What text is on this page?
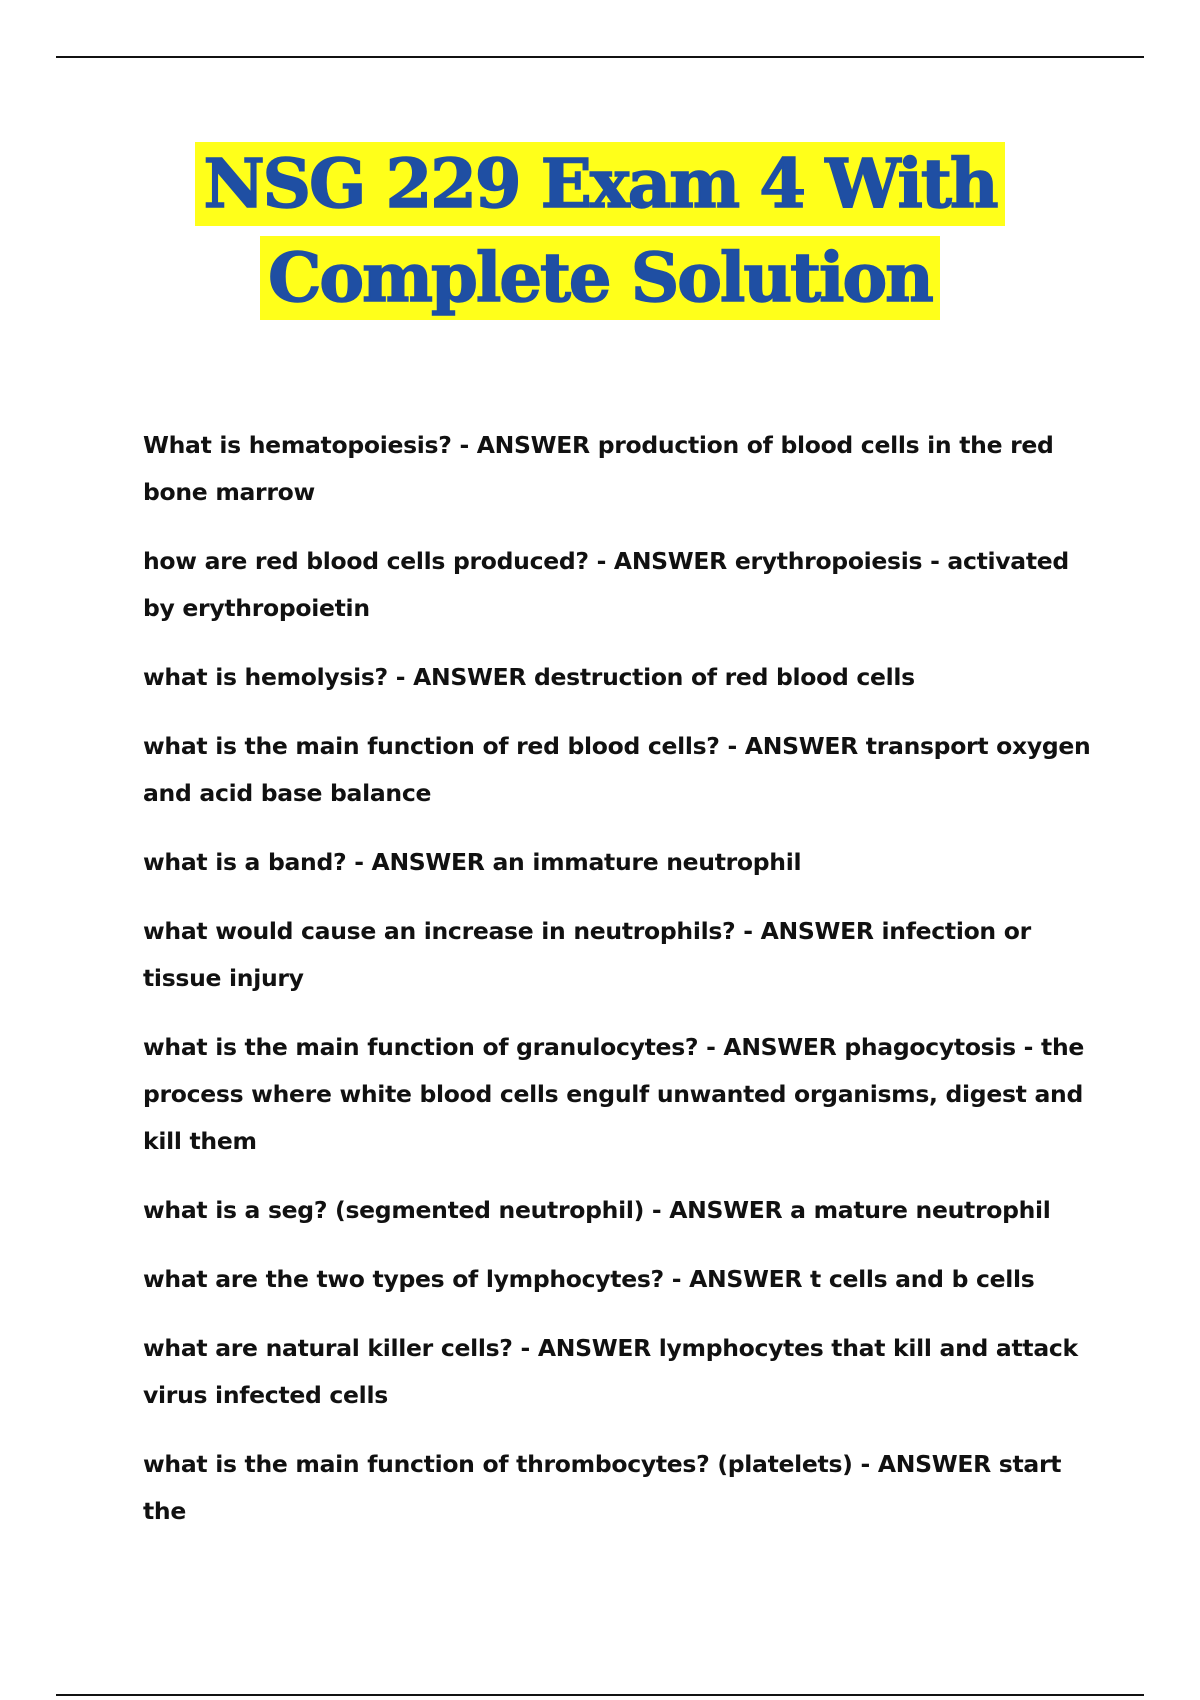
NSG 229 Exam 4 With
Complete Solution

What is hematopoiesis? - ANSWER production of blood cells in the red bone marrow

how are red blood cells produced? - ANSWER erythropoiesis - activated by erythropoietin

what is hemolysis? - ANSWER destruction of red blood cells

what is the main function of red blood cells? - ANSWER transport oxygen and acid base balance

what is a band? - ANSWER an immature neutrophil

what would cause an increase in neutrophils? - ANSWER infection or tissue injury

what is the main function of granulocytes? - ANSWER phagocytosis - the process where white blood cells engulf unwanted organisms, digest and kill them

what is a seg? (segmented neutrophil) - ANSWER a mature neutrophil

what are the two types of lymphocytes? - ANSWER t cells and b cells

what are natural killer cells? - ANSWER lymphocytes that kill and attack virus infected cells

what is the main function of thrombocytes? (platelets) - ANSWER start the
